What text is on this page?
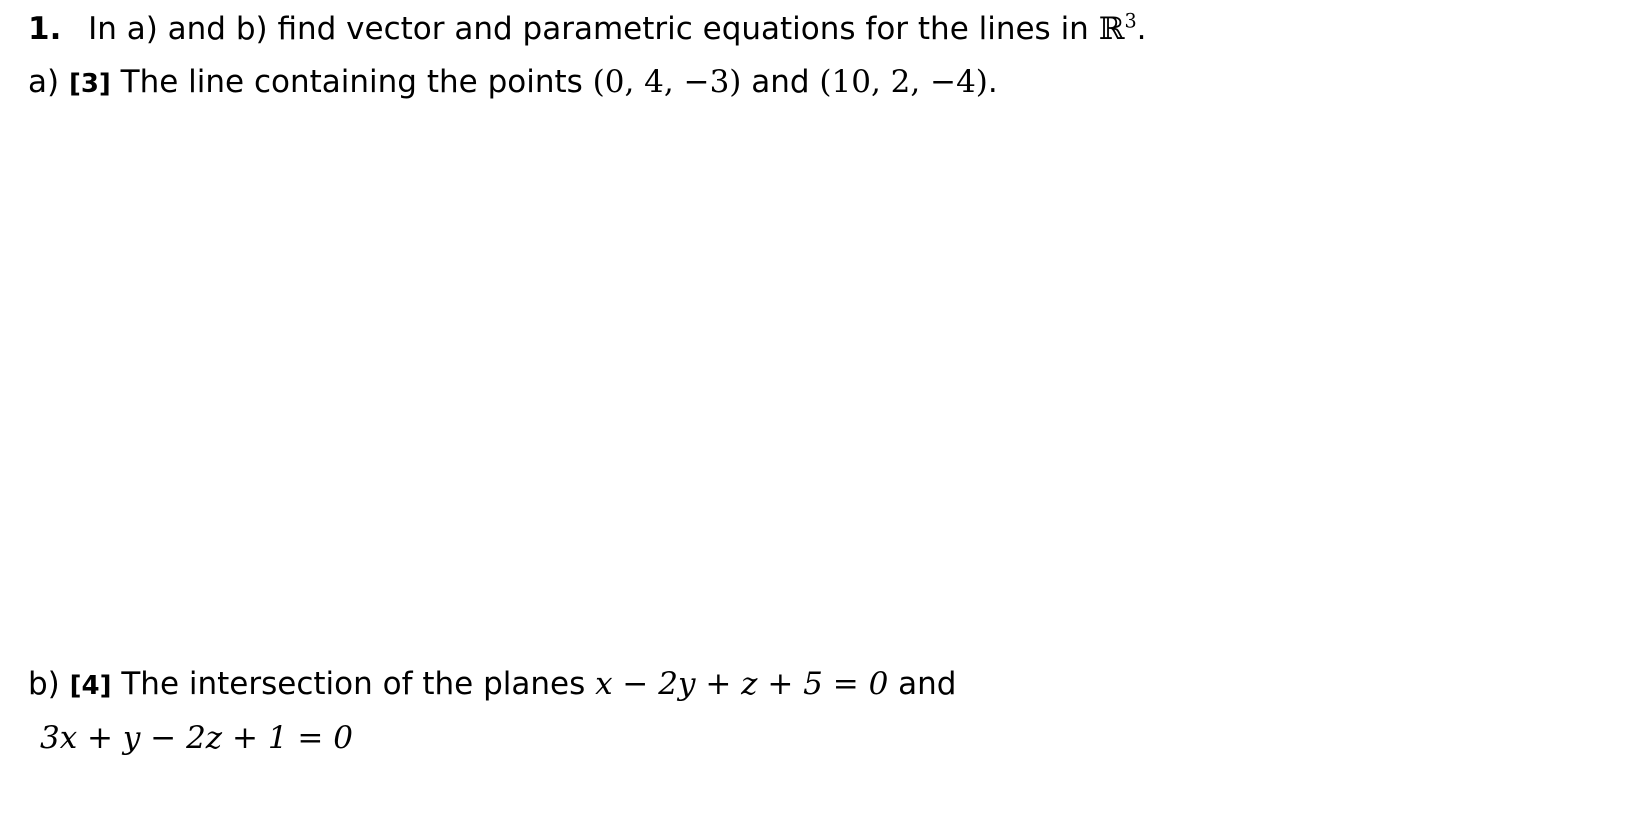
1. In a) and b) find vector and parametric equations for the lines in ℝ$^3$.
a) [3] The line containing the points (0, 4, −3) and (10, 2, −4).
b) [4] The intersection of the planes x − 2y + z + 5 = 0 and
3x + y − 2z + 1 = 0
